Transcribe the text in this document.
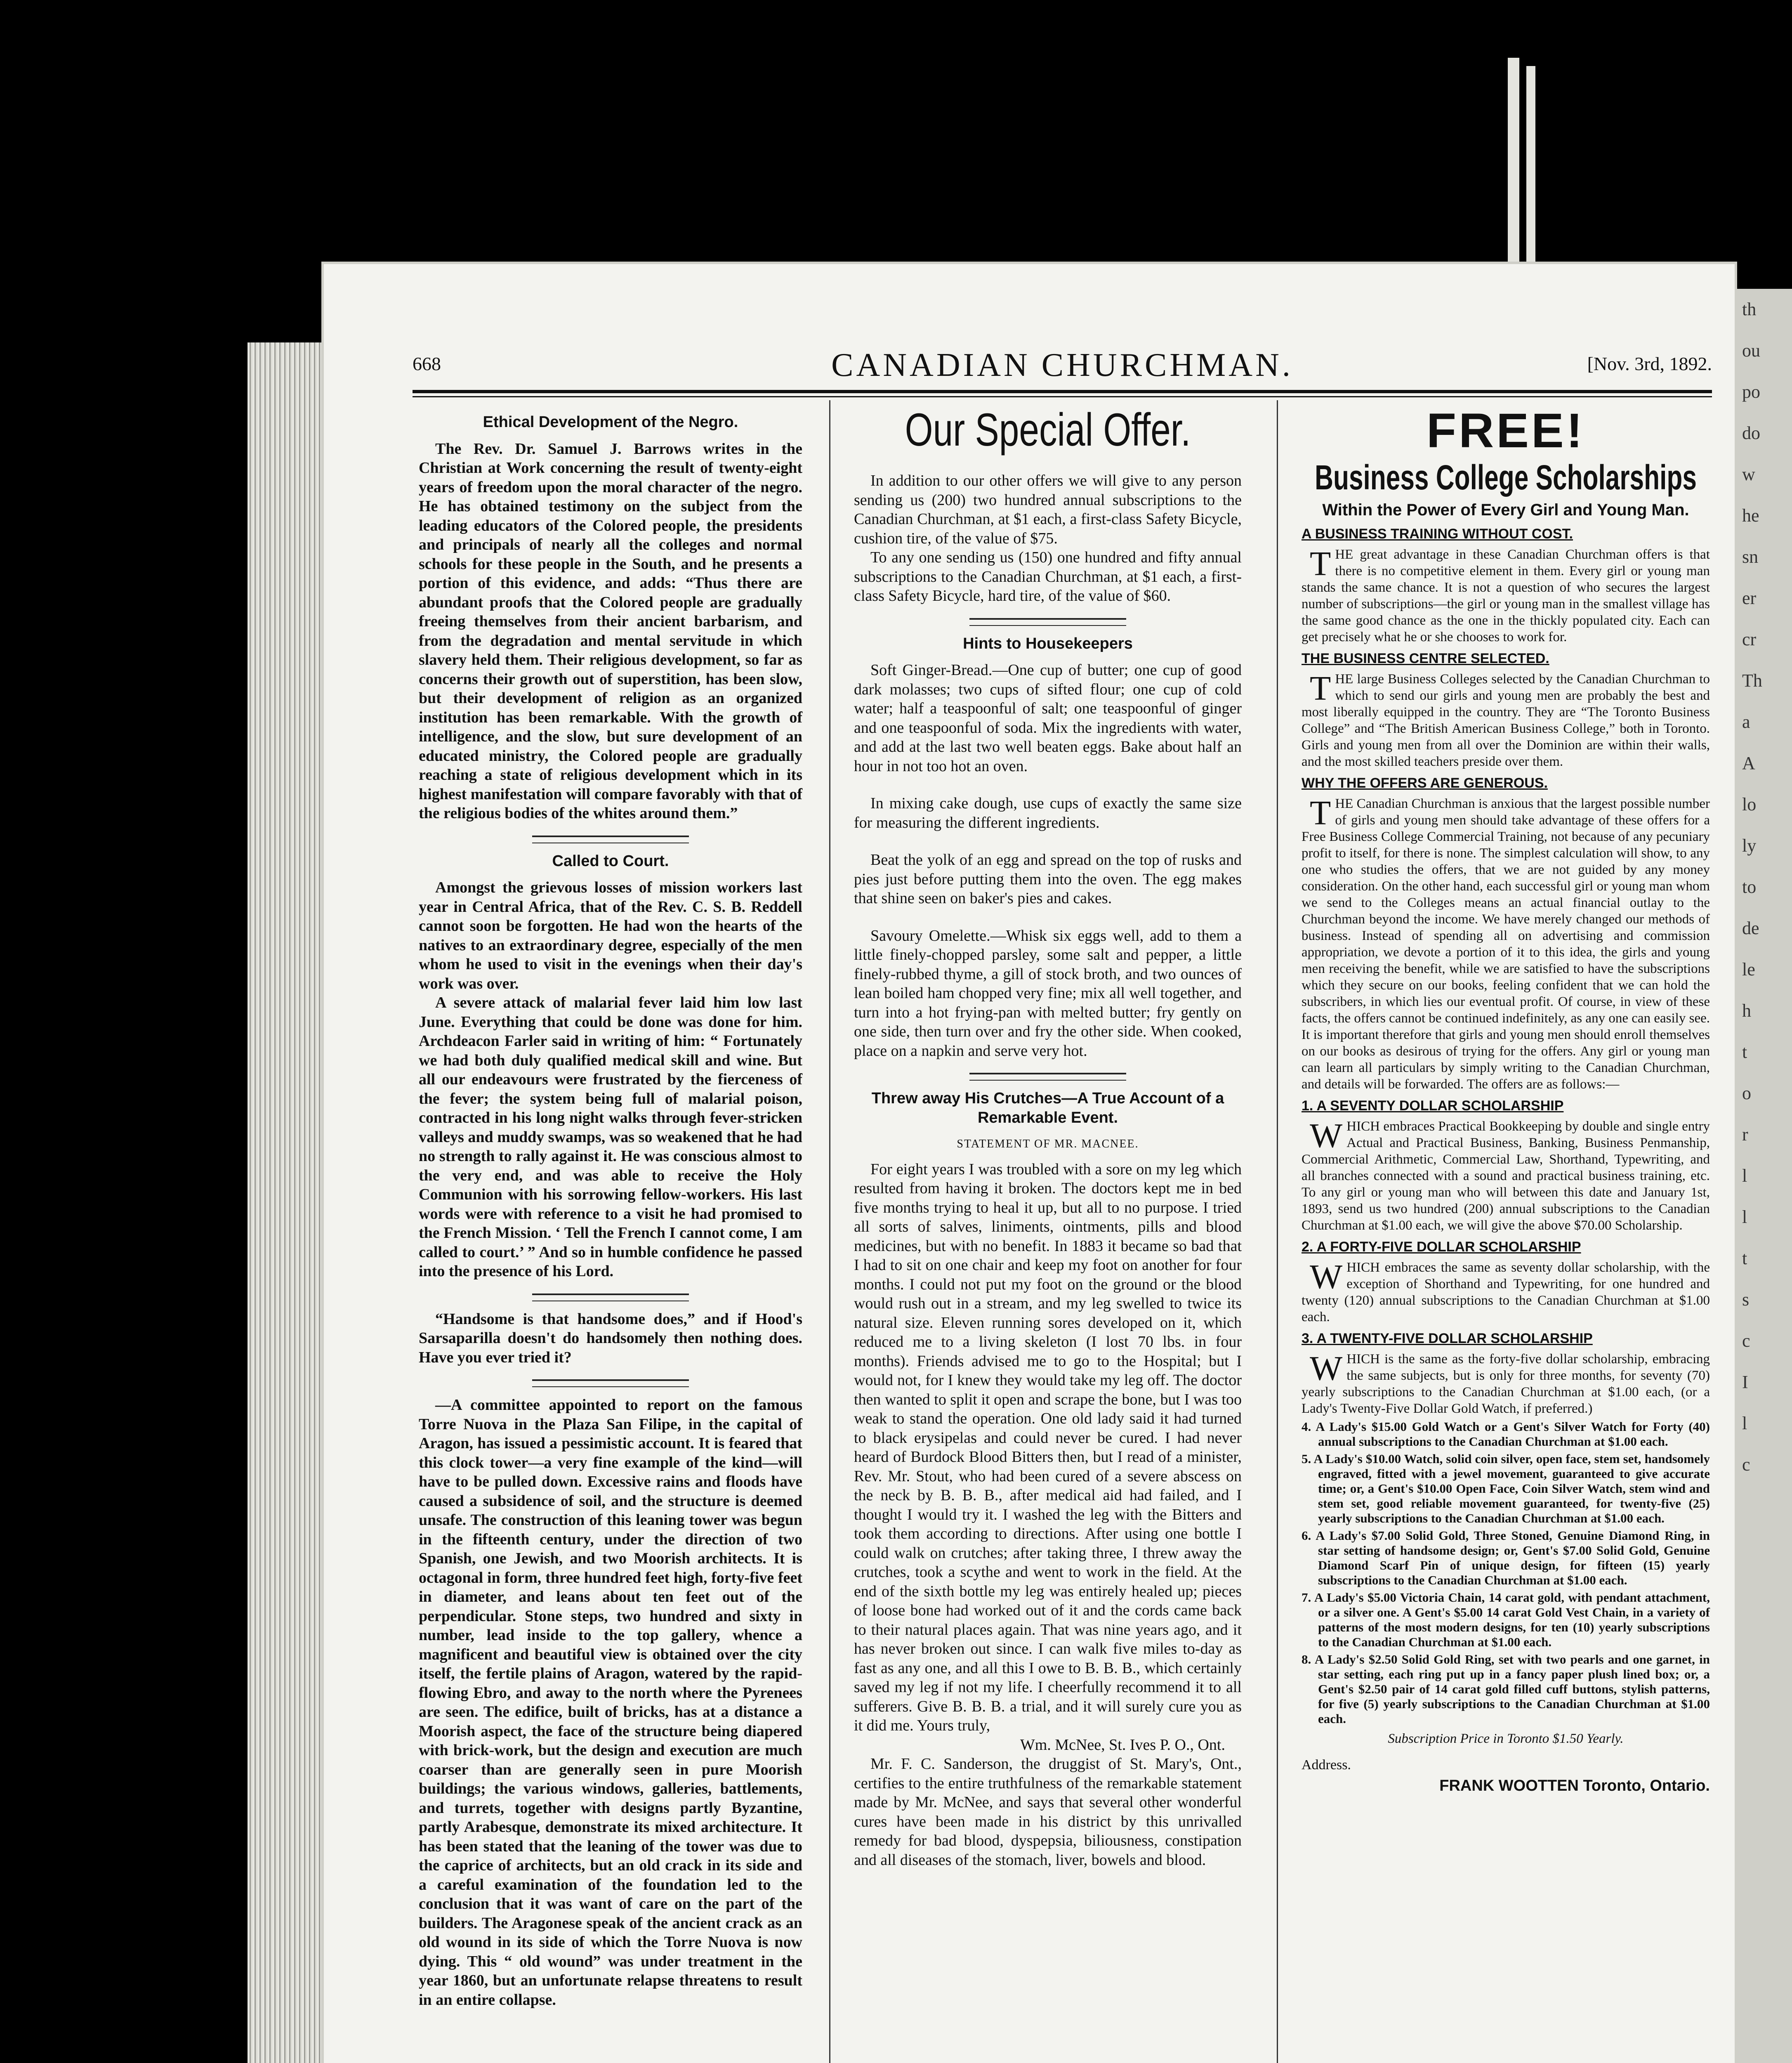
th
ou
po
do
w
he
sn
er
cr
Th
a
A
lo
ly
to
de
le
h
t
o
r
l
l
t
s
c
I
l
c
668	CANADIAN CHURCHMAN.	[Nov. 3rd, 1892.
Ethical Development of the Negro.

The Rev. Dr. Samuel J. Barrows writes in the Christian at Work concerning the result of twenty-eight years of freedom upon the moral character of the negro. He has obtained testimony on the subject from the leading educators of the Colored people, the presidents and principals of nearly all the colleges and normal schools for these people in the South, and he presents a portion of this evidence, and adds: “Thus there are abundant proofs that the Colored people are gradually freeing themselves from their ancient barbarism, and from the degradation and mental servitude in which slavery held them. Their religious development, so far as concerns their growth out of superstition, has been slow, but their development of religion as an organized institution has been remarkable. With the growth of intelligence, and the slow, but sure development of an educated ministry, the Colored people are gradually reaching a state of religious development which in its highest manifestation will compare favorably with that of the religious bodies of the whites around them.”

Called to Court.

Amongst the grievous losses of mission workers last year in Central Africa, that of the Rev. C. S. B. Reddell cannot soon be forgotten. He had won the hearts of the natives to an extraordinary degree, especially of the men whom he used to visit in the evenings when their day's work was over.

A severe attack of malarial fever laid him low last June. Everything that could be done was done for him. Archdeacon Farler said in writing of him: “ Fortunately we had both duly qualified medical skill and wine. But all our endeavours were frustrated by the fierceness of the fever; the system being full of malarial poison, contracted in his long night walks through fever-stricken valleys and muddy swamps, was so weakened that he had no strength to rally against it. He was conscious almost to the very end, and was able to receive the Holy Communion with his sorrowing fellow-workers. His last words were with reference to a visit he had promised to the French Mission. ‘ Tell the French I cannot come, I am called to court.’ ” And so in humble confidence he passed into the presence of his Lord.

“Handsome is that handsome does,” and if Hood's Sarsaparilla doesn't do handsomely then nothing does. Have you ever tried it?

—A committee appointed to report on the famous Torre Nuova in the Plaza San Filipe, in the capital of Aragon, has issued a pessimistic account. It is feared that this clock tower—a very fine example of the kind—will have to be pulled down. Excessive rains and floods have caused a subsidence of soil, and the structure is deemed unsafe. The construction of this leaning tower was begun in the fifteenth century, under the direction of two Spanish, one Jewish, and two Moorish architects. It is octagonal in form, three hundred feet high, forty-five feet in diameter, and leans about ten feet out of the perpendicular. Stone steps, two hundred and sixty in number, lead inside to the top gallery, whence a magnificent and beautiful view is obtained over the city itself, the fertile plains of Aragon, watered by the rapid-flowing Ebro, and away to the north where the Pyrenees are seen. The edifice, built of bricks, has at a distance a Moorish aspect, the face of the structure being diapered with brick-work, but the design and execution are much coarser than are generally seen in pure Moorish buildings; the various windows, galleries, battlements, and turrets, together with designs partly Byzantine, partly Arabesque, demonstrate its mixed architecture. It has been stated that the leaning of the tower was due to the caprice of architects, but an old crack in its side and a careful examination of the foundation led to the conclusion that it was want of care on the part of the builders. The Aragonese speak of the ancient crack as an old wound in its side of which the Torre Nuova is now dying. This “ old wound” was under treatment in the year 1860, but an unfortunate relapse threatens to result in an entire collapse.

Our Special Offer.

In addition to our other offers we will give to any person sending us (200) two hundred annual subscriptions to the Canadian Churchman, at $1 each, a first-class Safety Bicycle, cushion tire, of the value of $75.

To any one sending us (150) one hundred and fifty annual subscriptions to the Canadian Churchman, at $1 each, a first-class Safety Bicycle, hard tire, of the value of $60.

Hints to Housekeepers

Soft Ginger-Bread.—One cup of butter; one cup of good dark molasses; two cups of sifted flour; one cup of cold water; half a teaspoonful of salt; one teaspoonful of ginger and one teaspoonful of soda. Mix the ingredients with water, and add at the last two well beaten eggs. Bake about half an hour in not too hot an oven.

In mixing cake dough, use cups of exactly the same size for measuring the different ingredients.

Beat the yolk of an egg and spread on the top of rusks and pies just before putting them into the oven. The egg makes that shine seen on baker's pies and cakes.

Savoury Omelette.—Whisk six eggs well, add to them a little finely-chopped parsley, some salt and pepper, a little finely-rubbed thyme, a gill of stock broth, and two ounces of lean boiled ham chopped very fine; mix all well together, and turn into a hot frying-pan with melted butter; fry gently on one side, then turn over and fry the other side. When cooked, place on a napkin and serve very hot.

Threw away His Crutches—A True Account of a Remarkable Event.
STATEMENT OF MR. MACNEE.

For eight years I was troubled with a sore on my leg which resulted from having it broken. The doctors kept me in bed five months trying to heal it up, but all to no purpose. I tried all sorts of salves, liniments, ointments, pills and blood medicines, but with no benefit. In 1883 it became so bad that I had to sit on one chair and keep my foot on another for four months. I could not put my foot on the ground or the blood would rush out in a stream, and my leg swelled to twice its natural size. Eleven running sores developed on it, which reduced me to a living skeleton (I lost 70 lbs. in four months). Friends advised me to go to the Hospital; but I would not, for I knew they would take my leg off. The doctor then wanted to split it open and scrape the bone, but I was too weak to stand the operation. One old lady said it had turned to black erysipelas and could never be cured. I had never heard of Burdock Blood Bitters then, but I read of a minister, Rev. Mr. Stout, who had been cured of a severe abscess on the neck by B. B. B., after medical aid had failed, and I thought I would try it. I washed the leg with the Bitters and took them according to directions. After using one bottle I could walk on crutches; after taking three, I threw away the crutches, took a scythe and went to work in the field. At the end of the sixth bottle my leg was entirely healed up; pieces of loose bone had worked out of it and the cords came back to their natural places again. That was nine years ago, and it has never broken out since. I can walk five miles to-day as fast as any one, and all this I owe to B. B. B., which certainly saved my leg if not my life. I cheerfully recommend it to all sufferers. Give B. B. B. a trial, and it will surely cure you as it did me. Yours truly,

Wm. McNee, St. Ives P. O., Ont.

Mr. F. C. Sanderson, the druggist of St. Mary's, Ont., certifies to the entire truthfulness of the remarkable statement made by Mr. McNee, and says that several other wonderful cures have been made in his district by this unrivalled remedy for bad blood, dyspepsia, biliousness, constipation and all diseases of the stomach, liver, bowels and blood.

FREE!
Business College Scholarships
Within the Power of Every Girl and Young Man.
A BUSINESS TRAINING WITHOUT COST.

THE great advantage in these Canadian Churchman offers is that there is no competitive element in them. Every girl or young man stands the same chance. It is not a question of who secures the largest number of subscriptions—the girl or young man in the smallest village has the same good chance as the one in the thickly populated city. Each can get precisely what he or she chooses to work for.

THE BUSINESS CENTRE SELECTED.

THE large Business Colleges selected by the Canadian Churchman to which to send our girls and young men are probably the best and most liberally equipped in the country. They are “The Toronto Business College” and “The British American Business College,” both in Toronto. Girls and young men from all over the Dominion are within their walls, and the most skilled teachers preside over them.

WHY THE OFFERS ARE GENEROUS.

THE Canadian Churchman is anxious that the largest possible number of girls and young men should take advantage of these offers for a Free Business College Commercial Training, not because of any pecuniary profit to itself, for there is none. The simplest calculation will show, to any one who studies the offers, that we are not guided by any money consideration. On the other hand, each successful girl or young man whom we send to the Colleges means an actual financial outlay to the Churchman beyond the income. We have merely changed our methods of business. Instead of spending all on advertising and commission appropriation, we devote a portion of it to this idea, the girls and young men receiving the benefit, while we are satisfied to have the subscriptions which they secure on our books, feeling confident that we can hold the subscribers, in which lies our eventual profit. Of course, in view of these facts, the offers cannot be continued indefinitely, as any one can easily see. It is important therefore that girls and young men should enroll themselves on our books as desirous of trying for the offers. Any girl or young man can learn all particulars by simply writing to the Canadian Churchman, and details will be forwarded. The offers are as follows:—

1. A SEVENTY DOLLAR SCHOLARSHIP

WHICH embraces Practical Bookkeeping by double and single entry Actual and Practical Business, Banking, Business Penmanship, Commercial Arithmetic, Commercial Law, Shorthand, Typewriting, and all branches connected with a sound and practical business training, etc. To any girl or young man who will between this date and January 1st, 1893, send us two hundred (200) annual subscriptions to the Canadian Churchman at $1.00 each, we will give the above $70.00 Scholarship.

2. A FORTY-FIVE DOLLAR SCHOLARSHIP

WHICH embraces the same as seventy dollar scholarship, with the exception of Shorthand and Typewriting, for one hundred and twenty (120) annual subscriptions to the Canadian Churchman at $1.00 each.

3. A TWENTY-FIVE DOLLAR SCHOLARSHIP

WHICH is the same as the forty-five dollar scholarship, embracing the same subjects, but is only for three months, for seventy (70) yearly subscriptions to the Canadian Churchman at $1.00 each, (or a Lady's Twenty-Five Dollar Gold Watch, if preferred.)

4. A Lady's $15.00 Gold Watch or a Gent's Silver Watch for Forty (40) annual subscriptions to the Canadian Churchman at $1.00 each.
5. A Lady's $10.00 Watch, solid coin silver, open face, stem set, handsomely engraved, fitted with a jewel movement, guaranteed to give accurate time; or, a Gent's $10.00 Open Face, Coin Silver Watch, stem wind and stem set, good reliable movement guaranteed, for twenty-five (25) yearly subscriptions to the Canadian Churchman at $1.00 each.
6. A Lady's $7.00 Solid Gold, Three Stoned, Genuine Diamond Ring, in star setting of handsome design; or, Gent's $7.00 Solid Gold, Genuine Diamond Scarf Pin of unique design, for fifteen (15) yearly subscriptions to the Canadian Churchman at $1.00 each.
7. A Lady's $5.00 Victoria Chain, 14 carat gold, with pendant attachment, or a silver one. A Gent's $5.00 14 carat Gold Vest Chain, in a variety of patterns of the most modern designs, for ten (10) yearly subscriptions to the Canadian Churchman at $1.00 each.
8. A Lady's $2.50 Solid Gold Ring, set with two pearls and one garnet, in star setting, each ring put up in a fancy paper plush lined box; or, a Gent's $2.50 pair of 14 carat gold filled cuff buttons, stylish patterns, for five (5) yearly subscriptions to the Canadian Churchman at $1.00 each.
Subscription Price in Toronto $1.50 Yearly.
Address.
FRANK WOOTTEN Toronto, Ontario.
